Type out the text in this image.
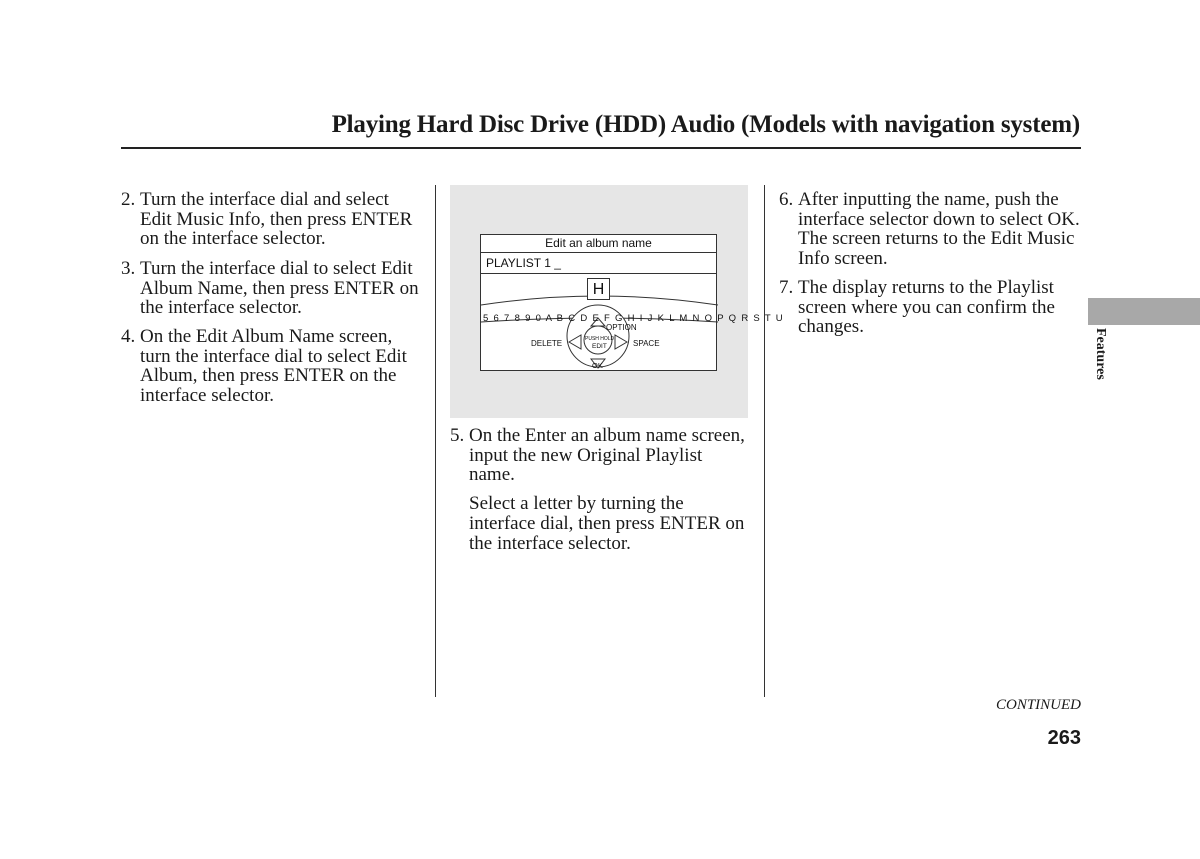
Playing Hard Disc Drive (HDD) Audio (Models with navigation system)
2. Turn the interface dial and select Edit Music Info, then press ENTER on the interface selector.

3. Turn the interface dial to select Edit Album Name, then press ENTER on the interface selector.

4. On the Edit Album Name screen, turn the interface dial to select Edit Album, then press ENTER on the interface selector.

Edit an album name
PLAYLIST 1 _
5 6 7 8 9 0 A B C D E F G H I J K L M N O P Q R S T U
H
OPTION
DELETE	SPACE
PUSH HOLD
EDIT
OK
5. On the Enter an album name screen, input the new Original Playlist name.

Select a letter by turning the interface dial, then press ENTER on the interface selector.

6. After inputting the name, push the interface selector down to select OK. The screen returns to the Edit Music Info screen.

7. The display returns to the Playlist screen where you can confirm the changes.

Features
CONTINUED
263
